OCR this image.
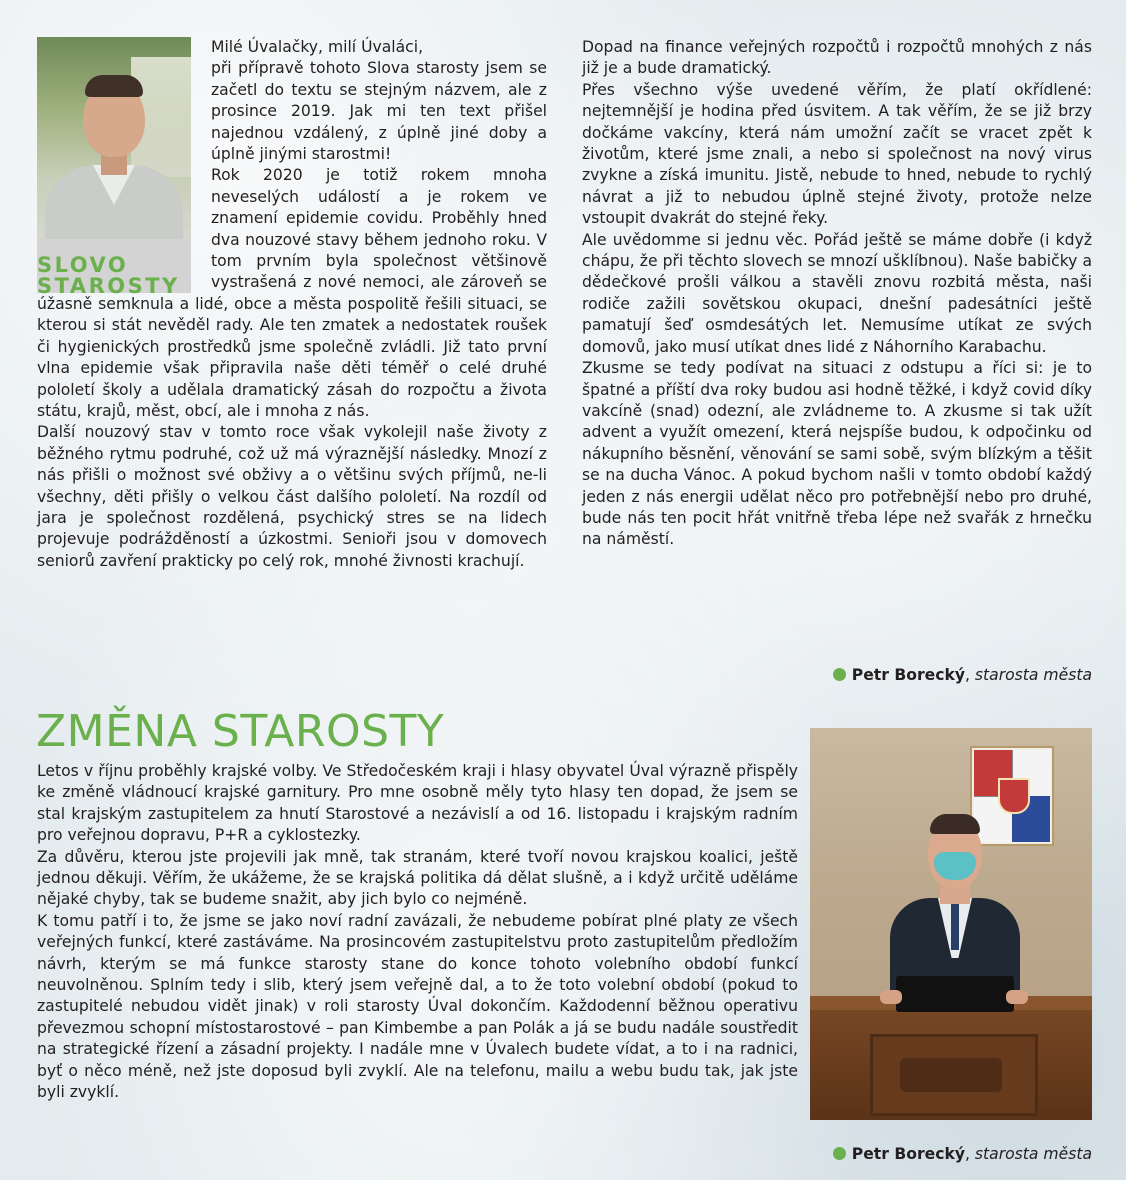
SLOVO
STAROSTY

Milé Úvalačky, milí Úvaláci,

při přípravě tohoto Slova starosty jsem se začetl do textu se stejným názvem, ale z prosince 2019. Jak mi ten text přišel najednou vzdálený, z úplně jiné doby a úplně jinými starostmi!

Rok 2020 je totiž rokem mnoha neveselých událostí a je rokem ve znamení epidemie covidu. Proběhly hned dva nouzové stavy během jednoho roku. V tom prvním byla společnost většinově vystrašená z nové nemoci, ale zároveň se úžasně semknula a lidé, obce a města pospolitě řešili situaci, se kterou si stát nevěděl rady. Ale ten zmatek a nedostatek roušek či hygienických prostředků jsme společně zvládli. Již tato první vlna epidemie však připravila naše děti téměř o celé druhé pololetí školy a udělala dramatický zásah do rozpočtu a života státu, krajů, měst, obcí, ale i mnoha z nás.

Další nouzový stav v tomto roce však vykolejil naše životy z běžného rytmu podruhé, což už má výraznější následky. Mnozí z nás přišli o možnost své obživy a o většinu svých příjmů, ne-li všechny, děti přišly o velkou část dalšího pololetí. Na rozdíl od jara je společnost rozdělená, psychický stres se na lidech projevuje podrážděností a úzkostmi. Senioři jsou v domovech seniorů zavření prakticky po celý rok, mnohé živnosti krachují.

Dopad na finance veřejných rozpočtů i rozpočtů mnohých z nás již je a bude dramatický.

Přes všechno výše uvedené věřím, že platí okřídlené: nejtemnější je hodina před úsvitem. A tak věřím, že se již brzy dočkáme vakcíny, která nám umožní začít se vracet zpět k životům, které jsme znali, a nebo si společnost na nový virus zvykne a získá imunitu. Jistě, nebude to hned, nebude to rychlý návrat a již to nebudou úplně stejné životy, protože nelze vstoupit dvakrát do stejné řeky.

Ale uvědomme si jednu věc. Pořád ještě se máme dobře (i když chápu, že při těchto slovech se mnozí ušklíbnou). Naše babičky a dědečkové prošli válkou a stavěli znovu rozbitá města, naši rodiče zažili sovětskou okupaci, dnešní padesátníci ještě pamatují šeď osmdesátých let. Nemusíme utíkat ze svých domovů, jako musí utíkat dnes lidé z Náhorního Karabachu.

Zkusme se tedy podívat na situaci z odstupu a říci si: je to špatné a příští dva roky budou asi hodně těžké, i když covid díky vakcíně (snad) odezní, ale zvládneme to. A zkusme si tak užít advent a využít omezení, která nejspíše budou, k odpočinku od nákupního běsnění, věnování se sami sobě, svým blízkým a těšit se na ducha Vánoc. A pokud bychom našli v tomto období každý jeden z nás energii udělat něco pro potřebnější nebo pro druhé, bude nás ten pocit hřát vnitřně třeba lépe než svařák z hrnečku na náměstí.

Petr Borecký, starosta města
ZMĚNA STAROSTY

Letos v říjnu proběhly krajské volby. Ve Středočeském kraji i hlasy obyvatel Úval výrazně přispěly ke změně vládnoucí krajské garnitury. Pro mne osobně měly tyto hlasy ten dopad, že jsem se stal krajským zastupitelem za hnutí Starostové a nezávislí a od 16. listopadu i krajským radním pro veřejnou dopravu, P+R a cyklostezky.

Za důvěru, kterou jste projevili jak mně, tak stranám, které tvoří novou krajskou koalici, ještě jednou děkuji. Věřím, že ukážeme, že se krajská politika dá dělat slušně, a i když určitě uděláme nějaké chyby, tak se budeme snažit, aby jich bylo co nejméně.

K tomu patří i to, že jsme se jako noví radní zavázali, že nebudeme pobírat plné platy ze všech veřejných funkcí, které zastáváme. Na prosincovém zastupitelstvu proto zastupitelům předložím návrh, kterým se má funkce starosty stane do konce tohoto volebního období funkcí neuvolněnou. Splním tedy i slib, který jsem veřejně dal, a to že toto volební období (pokud to zastupitelé nebudou vidět jinak) v roli starosty Úval dokončím. Každodenní běžnou operativu převezmou schopní místostarostové – pan Kimbembe a pan Polák a já se budu nadále soustředit na strategické řízení a zásadní projekty. I nadále mne v Úvalech budete vídat, a to i na radnici, byť o něco méně, než jste doposud byli zvyklí. Ale na telefonu, mailu a webu budu tak, jak jste byli zvyklí.

Petr Borecký, starosta města
